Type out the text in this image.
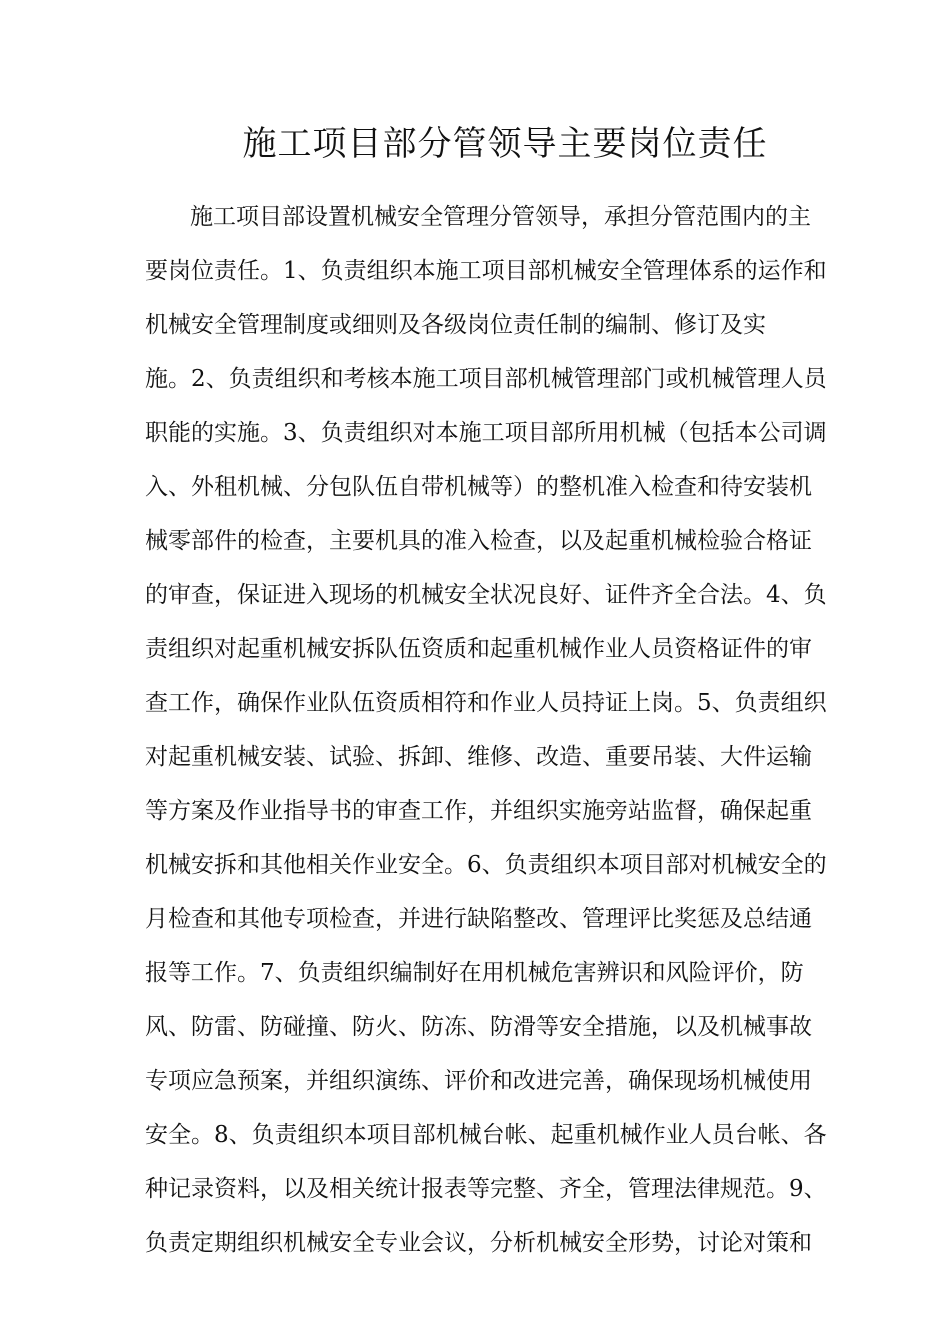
施工项目部分管领导主要岗位责任
施工项目部设置机械安全管理分管领导，承担分管范围内的主
要岗位责任。1、负责组织本施工项目部机械安全管理体系的运作和
机械安全管理制度或细则及各级岗位责任制的编制、修订及实
施。2、负责组织和考核本施工项目部机械管理部门或机械管理人员
职能的实施。3、负责组织对本施工项目部所用机械（包括本公司调
入、外租机械、分包队伍自带机械等）的整机准入检查和待安装机
械零部件的检查，主要机具的准入检查，以及起重机械检验合格证
的审查，保证进入现场的机械安全状况良好、证件齐全合法。4、负
责组织对起重机械安拆队伍资质和起重机械作业人员资格证件的审
查工作，确保作业队伍资质相符和作业人员持证上岗。5、负责组织
对起重机械安装、试验、拆卸、维修、改造、重要吊装、大件运输
等方案及作业指导书的审查工作，并组织实施旁站监督，确保起重
机械安拆和其他相关作业安全。6、负责组织本项目部对机械安全的
月检查和其他专项检查，并进行缺陷整改、管理评比奖惩及总结通
报等工作。7、负责组织编制好在用机械危害辨识和风险评价，防
风、防雷、防碰撞、防火、防冻、防滑等安全措施，以及机械事故
专项应急预案，并组织演练、评价和改进完善，确保现场机械使用
安全。8、负责组织本项目部机械台帐、起重机械作业人员台帐、各
种记录资料，以及相关统计报表等完整、齐全，管理法律规范。9、
负责定期组织机械安全专业会议，分析机械安全形势，讨论对策和
